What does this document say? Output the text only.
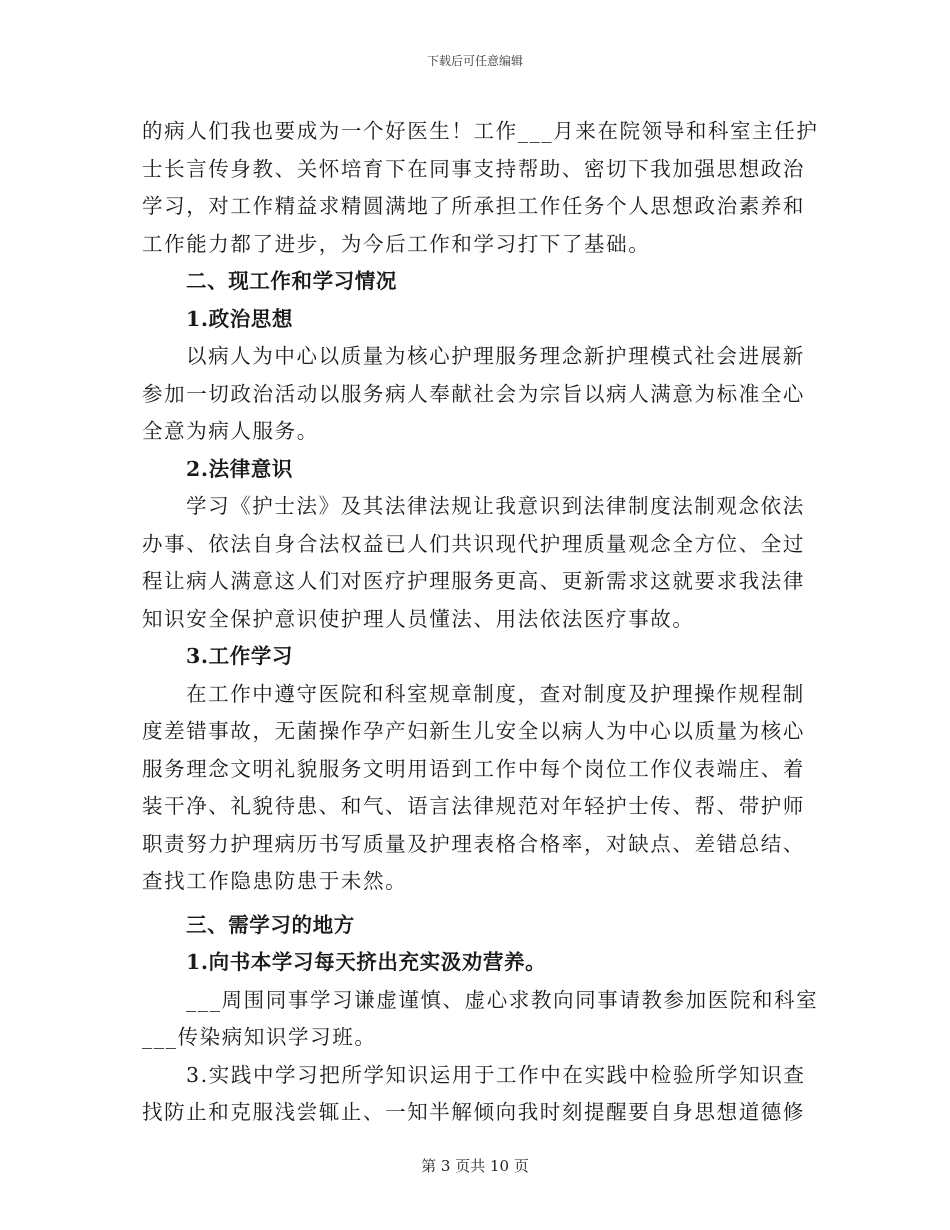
下载后可任意编辑
的病人们我也要成为一个好医生！工作___月来在院领导和科室主任护
士长言传身教、关怀培育下在同事支持帮助、密切下我加强思想政治
学习，对工作精益求精圆满地了所承担工作任务个人思想政治素养和
工作能力都了进步，为今后工作和学习打下了基础。
二、现工作和学习情况
1.政治思想
以病人为中心以质量为核心护理服务理念新护理模式社会进展新
参加一切政治活动以服务病人奉献社会为宗旨以病人满意为标准全心
全意为病人服务。
2.法律意识
学习《护士法》及其法律法规让我意识到法律制度法制观念依法
办事、依法自身合法权益已人们共识现代护理质量观念全方位、全过
程让病人满意这人们对医疗护理服务更高、更新需求这就要求我法律
知识安全保护意识使护理人员懂法、用法依法医疗事故。
3.工作学习
在工作中遵守医院和科室规章制度，查对制度及护理操作规程制
度差错事故，无菌操作孕产妇新生儿安全以病人为中心以质量为核心
服务理念文明礼貌服务文明用语到工作中每个岗位工作仪表端庄、着
装干净、礼貌待患、和气、语言法律规范对年轻护士传、帮、带护师
职责努力护理病历书写质量及护理表格合格率，对缺点、差错总结、
查找工作隐患防患于未然。
三、需学习的地方
1.向书本学习每天挤出充实汲劝营养。
___周围同事学习谦虚谨慎、虚心求教向同事请教参加医院和科室
___传染病知识学习班。
3.实践中学习把所学知识运用于工作中在实践中检验所学知识查
找防止和克服浅尝辄止、一知半解倾向我时刻提醒要自身思想道德修
第 3 页共 10 页
